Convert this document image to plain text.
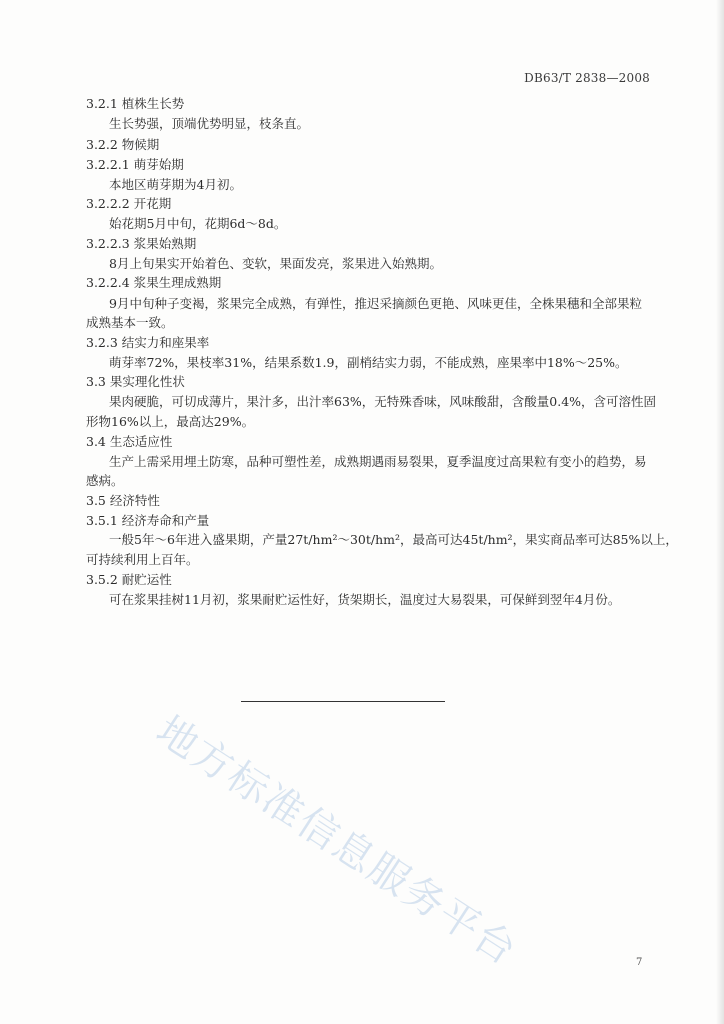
DB63/T 2838—2008
3.2.1 植株生长势
生长势强，顶端优势明显，枝条直。
3.2.2 物候期
3.2.2.1 萌芽始期
本地区萌芽期为4月初。
3.2.2.2 开花期
始花期5月中旬，花期6d～8d。
3.2.2.3 浆果始熟期
8月上旬果实开始着色、变软，果面发亮，浆果进入始熟期。
3.2.2.4 浆果生理成熟期
9月中旬种子变褐，浆果完全成熟，有弹性，推迟采摘颜色更艳、风味更佳，全株果穗和全部果粒
成熟基本一致。
3.2.3 结实力和座果率
萌芽率72%，果枝率31%，结果系数1.9，副梢结实力弱，不能成熟，座果率中18%～25%。
3.3 果实理化性状
果肉硬脆，可切成薄片，果汁多，出汁率63%，无特殊香味，风味酸甜，含酸量0.4%，含可溶性固
形物16%以上，最高达29%。
3.4 生态适应性
生产上需采用埋土防寒，品种可塑性差，成熟期遇雨易裂果，夏季温度过高果粒有变小的趋势，易
感病。
3.5 经济特性
3.5.1 经济寿命和产量
一般5年～6年进入盛果期，产量27t/hm²～30t/hm²，最高可达45t/hm²，果实商品率可达85%以上，
可持续利用上百年。
3.5.2 耐贮运性
可在浆果挂树11月初，浆果耐贮运性好，货架期长，温度过大易裂果，可保鲜到翌年4月份。
地方标准信息服务平台	7
